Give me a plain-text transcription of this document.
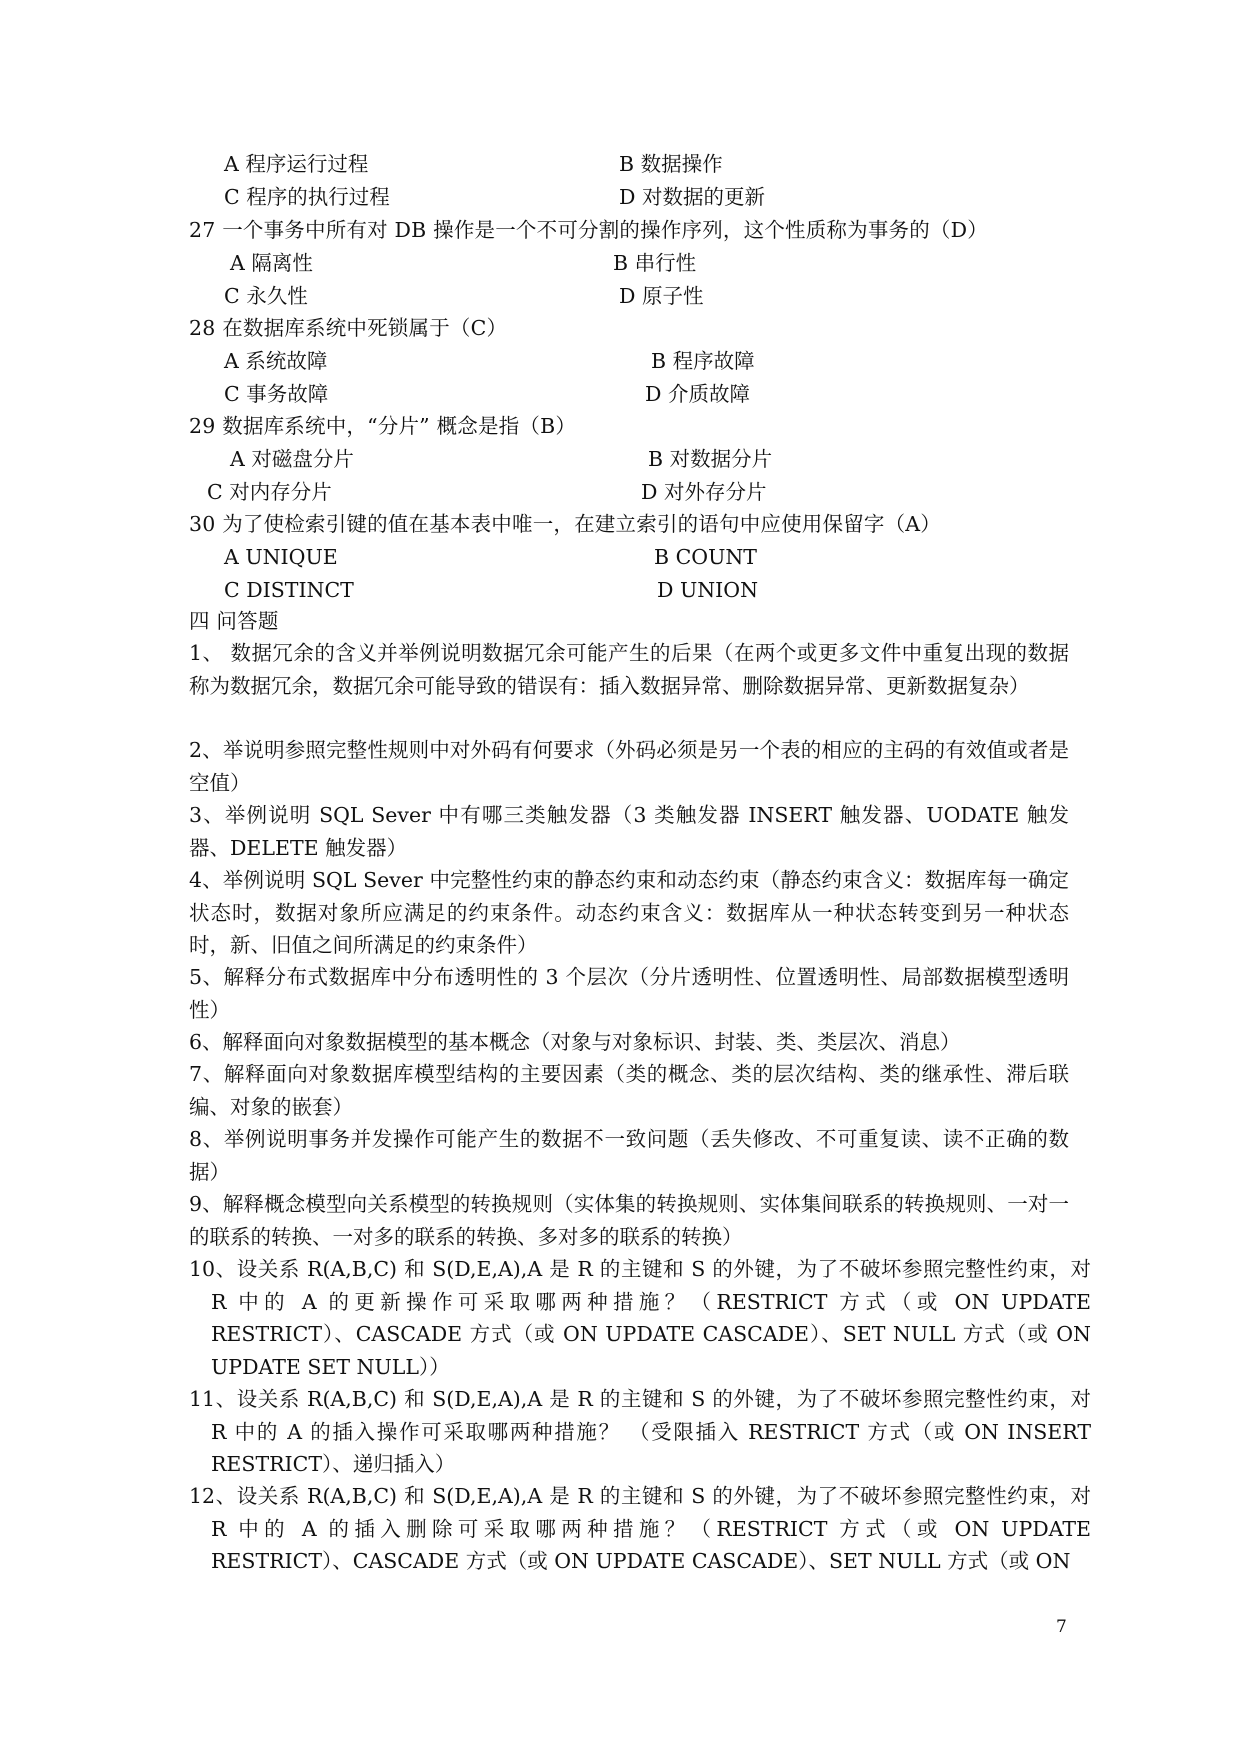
A 程序运行过程	B 数据操作
C 程序的执行过程	D 对数据的更新
27 一个事务中所有对 DB 操作是一个不可分割的操作序列，这个性质称为事务的（D）
A 隔离性	B 串行性
C 永久性	D 原子性
28 在数据库系统中死锁属于（C）
A 系统故障	B 程序故障
C 事务故障	D 介质故障
29 数据库系统中，“分片” 概念是指（B）
A 对磁盘分片	B 对数据分片
C 对内存分片	D 对外存分片
30 为了使检索引键的值在基本表中唯一，在建立索引的语句中应使用保留字（A）
A UNIQUE	B COUNT
C DISTINCT	D UNION
四 问答题
1、 数据冗余的含义并举例说明数据冗余可能产生的后果（在两个或更多文件中重复出现的数据称为数据冗余，数据冗余可能导致的错误有：插入数据异常、删除数据异常、更新数据复杂）
2、举说明参照完整性规则中对外码有何要求（外码必须是另一个表的相应的主码的有效值或者是空值）
3、举例说明 SQL Sever 中有哪三类触发器（3 类触发器 INSERT 触发器、UODATE 触发器、DELETE 触发器）
4、举例说明 SQL Sever 中完整性约束的静态约束和动态约束（静态约束含义：数据库每一确定状态时，数据对象所应满足的约束条件。动态约束含义：数据库从一种状态转变到另一种状态时，新、旧值之间所满足的约束条件）
5、解释分布式数据库中分布透明性的 3 个层次（分片透明性、位置透明性、局部数据模型透明性）
6、解释面向对象数据模型的基本概念（对象与对象标识、封装、类、类层次、消息）
7、解释面向对象数据库模型结构的主要因素（类的概念、类的层次结构、类的继承性、滞后联编、对象的嵌套）
8、举例说明事务并发操作可能产生的数据不一致问题（丢失修改、不可重复读、读不正确的数据）
9、解释概念模型向关系模型的转换规则（实体集的转换规则、实体集间联系的转换规则、一对一的联系的转换、一对多的联系的转换、多对多的联系的转换）
10、设关系 R(A,B,C) 和 S(D,E,A),A 是 R 的主键和 S 的外键，为了不破坏参照完整性约束，对 R 中的 A 的更新操作可采取哪两种措施？（RESTRICT 方式（或 ON UPDATE RESTRICT）、CASCADE 方式（或 ON UPDATE CASCADE）、SET NULL 方式（或 ON UPDATE SET NULL））
11、设关系 R(A,B,C) 和 S(D,E,A),A 是 R 的主键和 S 的外键，为了不破坏参照完整性约束，对 R 中的 A 的插入操作可采取哪两种措施？ （受限插入 RESTRICT 方式（或 ON INSERT RESTRICT）、递归插入）
12、设关系 R(A,B,C) 和 S(D,E,A),A 是 R 的主键和 S 的外键，为了不破坏参照完整性约束，对 R 中的 A 的插入删除可采取哪两种措施？（RESTRICT 方式（或 ON UPDATE RESTRICT）、CASCADE 方式（或 ON UPDATE CASCADE）、SET NULL 方式（或 ON
7
